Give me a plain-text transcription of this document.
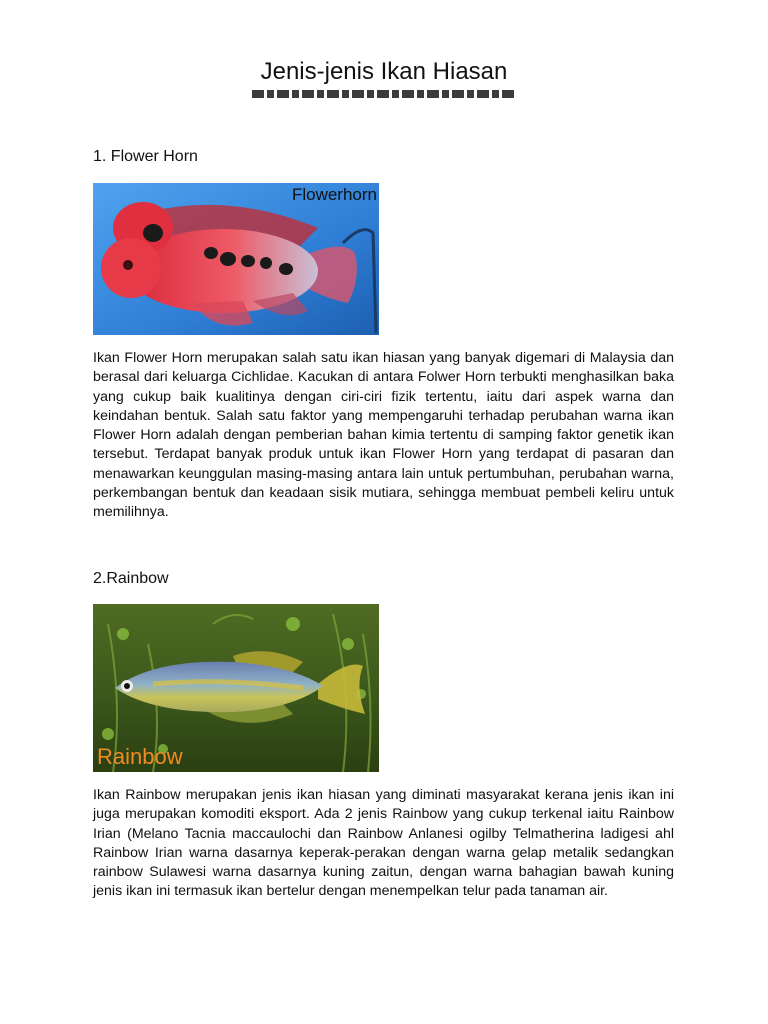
Jenis-jenis Ikan Hiasan
1. Flower Horn
Flowerhorn

Ikan Flower Horn merupakan salah satu ikan hiasan yang banyak digemari di Malaysia dan berasal dari keluarga Cichlidae. Kacukan di antara Folwer Horn terbukti menghasilkan baka yang cukup baik kualitinya dengan ciri-ciri fizik tertentu, iaitu dari aspek warna dan keindahan bentuk. Salah satu faktor yang mempengaruhi terhadap perubahan warna ikan Flower Horn adalah dengan pemberian bahan kimia tertentu di samping faktor genetik ikan tersebut. Terdapat banyak produk untuk ikan Flower Horn yang terdapat di pasaran dan menawarkan keunggulan masing-masing antara lain untuk pertumbuhan, perubahan warna, perkembangan bentuk dan keadaan sisik mutiara, sehingga membuat pembeli keliru untuk memilihnya.

2.Rainbow
Rainbow

Ikan Rainbow merupakan jenis ikan hiasan yang diminati masyarakat kerana jenis ikan ini juga merupakan komoditi eksport. Ada 2 jenis Rainbow yang cukup terkenal iaitu Rainbow Irian (Melano Tacnia maccaulochi dan Rainbow Anlanesi ogilby Telmatherina ladigesi ahl Rainbow Irian warna dasarnya keperak-perakan dengan warna gelap metalik sedangkan rainbow Sulawesi warna dasarnya kuning zaitun, dengan warna bahagian bawah kuning jenis ikan ini termasuk ikan bertelur dengan menempelkan telur pada tanaman air.
